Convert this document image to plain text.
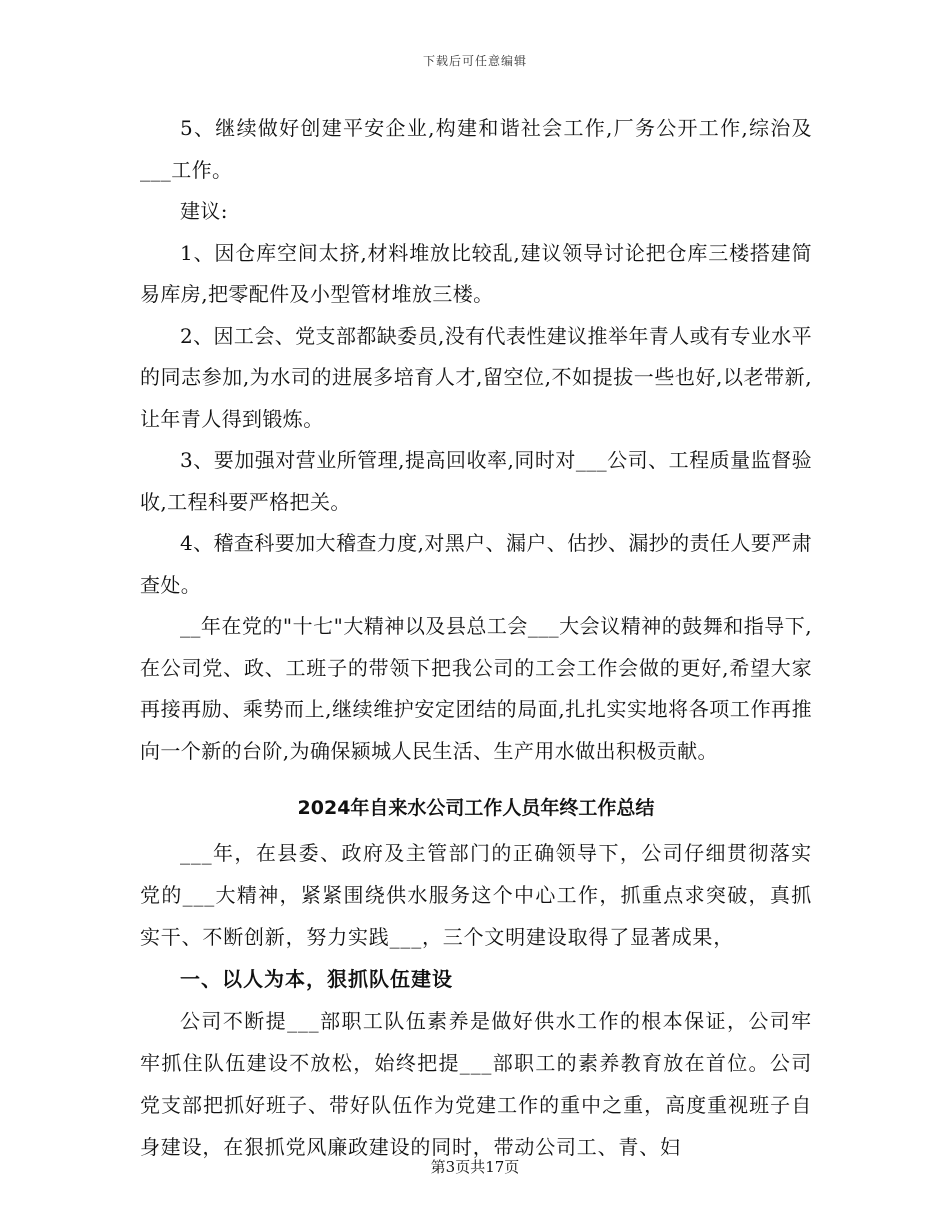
下载后可任意编辑

5、继续做好创建平安企业,构建和谐社会工作,厂务公开工作,综治及___工作。

建议:

1、因仓库空间太挤,材料堆放比较乱,建议领导讨论把仓库三楼搭建简易库房,把零配件及小型管材堆放三楼。

2、因工会、党支部都缺委员,没有代表性建议推举年青人或有专业水平的同志参加,为水司的进展多培育人才,留空位,不如提拔一些也好,以老带新,让年青人得到锻炼。

3、要加强对营业所管理,提高回收率,同时对___公司、工程质量监督验收,工程科要严格把关。

4、稽查科要加大稽查力度,对黑户、漏户、估抄、漏抄的责任人要严肃查处。

__年在党的"十七"大精神以及县总工会___大会议精神的鼓舞和指导下,在公司党、政、工班子的带领下把我公司的工会工作会做的更好,希望大家再接再励、乘势而上,继续维护安定团结的局面,扎扎实实地将各项工作再推向一个新的台阶,为确保颍城人民生活、生产用水做出积极贡献。

2024年自来水公司工作人员年终工作总结

___年，在县委、政府及主管部门的正确领导下，公司仔细贯彻落实党的___大精神，紧紧围绕供水服务这个中心工作，抓重点求突破，真抓实干、不断创新，努力实践___，三个文明建设取得了显著成果，

一、以人为本，狠抓队伍建设

公司不断提___部职工队伍素养是做好供水工作的根本保证，公司牢牢抓住队伍建设不放松，始终把提___部职工的素养教育放在首位。公司党支部把抓好班子、带好队伍作为党建工作的重中之重，高度重视班子自身建设，在狠抓党风廉政建设的同时，带动公司工、青、妇

第3页共17页
